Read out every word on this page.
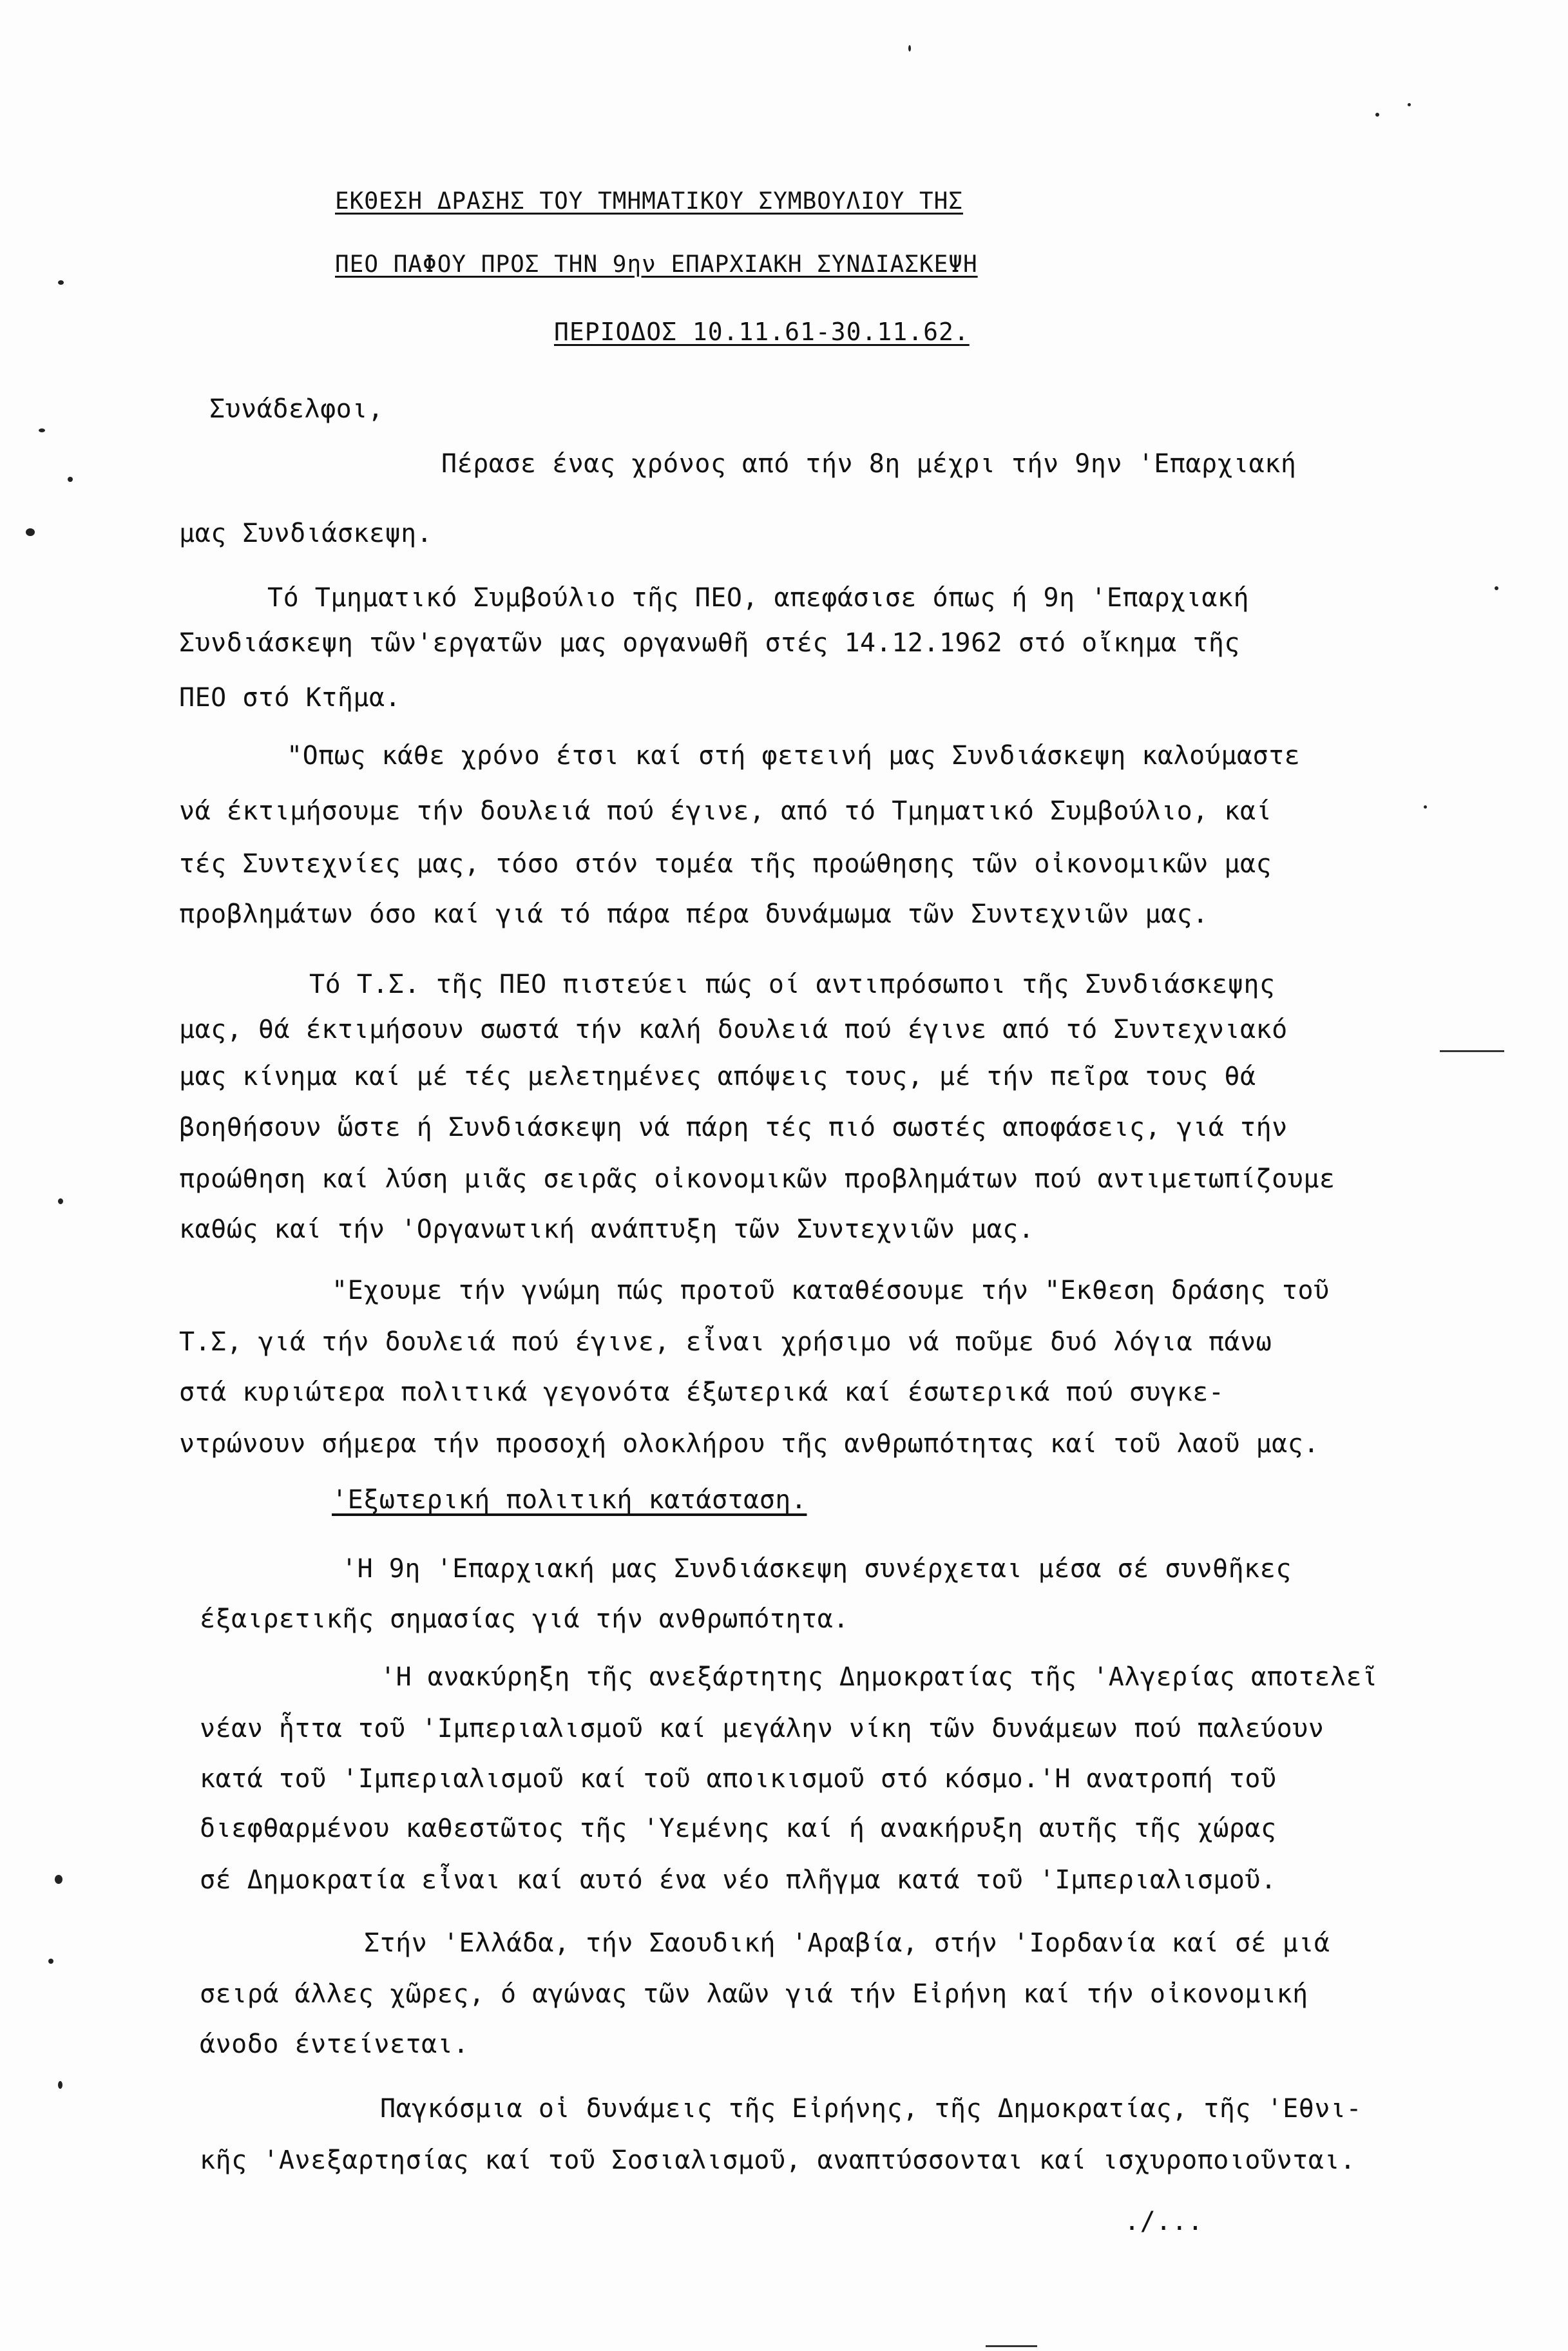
ΕΚΘΕΣΗ ΔΡΑΣΗΣ ΤΟΥ ΤΜΗΜΑΤΙΚΟΥ ΣΥΜΒΟΥΛΙΟΥ ΤΗΣ
ΠΕΟ ΠΑΦΟΥ ΠΡΟΣ ΤΗΝ 9ην ΕΠΑΡΧΙΑΚΗ ΣΥΝΔΙΑΣΚΕΨΗ
ΠΕΡΙΟΔΟΣ 10.11.61-30.11.62.
Συνάδελφοι,
Πέρασε ένας χρόνος από τήν 8η μέχρι τήν 9ην 'Επαρχιακή
μας Συνδιάσκεψη.
Τό Τμηματικό Συμβούλιο τῆς ΠΕΟ, απεφάσισε όπως ή 9η 'Επαρχιακή
Συνδιάσκεψη τῶν'εργατῶν μας οργανωθῆ στές 14.12.1962 στό οἴκημα τῆς
ΠΕΟ στό Κτῆμα.
"Οπως κάθε χρόνο έτσι καί στή φετεινή μας Συνδιάσκεψη καλούμαστε
νά έκτιμήσουμε τήν δουλειά πού έγινε, από τό Τμηματικό Συμβούλιο, καί
τές Συντεχνίες μας, τόσο στόν τομέα τῆς προώθησης τῶν οἰκονομικῶν μας
προβλημάτων όσο καί γιά τό πάρα πέρα δυνάμωμα τῶν Συντεχνιῶν μας.
Τό Τ.Σ. τῆς ΠΕΟ πιστεύει πώς οί αντιπρόσωποι τῆς Συνδιάσκεψης
μας, θά έκτιμήσουν σωστά τήν καλή δουλειά πού έγινε από τό Συντεχνιακό
μας κίνημα καί μέ τές μελετημένες απόψεις τους, μέ τήν πεῖρα τους θά
βοηθήσουν ὥστε ή Συνδιάσκεψη νά πάρη τές πιό σωστές αποφάσεις, γιά τήν
προώθηση καί λύση μιᾶς σειρᾶς οἰκονομικῶν προβλημάτων πού αντιμετωπίζουμε
καθώς καί τήν 'Οργανωτική ανάπτυξη τῶν Συντεχνιῶν μας.
"Εχουμε τήν γνώμη πώς προτοῦ καταθέσουμε τήν "Εκθεση δράσης τοῦ
Τ.Σ, γιά τήν δουλειά πού έγινε, εἶναι χρήσιμο νά ποῦμε δυό λόγια πάνω
στά κυριώτερα πολιτικά γεγονότα έξωτερικά καί έσωτερικά πού συγκε-
ντρώνουν σήμερα τήν προσοχή ολοκλήρου τῆς ανθρωπότητας καί τοῦ λαοῦ μας.
'Εξωτερική πολιτική κατάσταση.
'Η 9η 'Επαρχιακή μας Συνδιάσκεψη συνέρχεται μέσα σέ συνθῆκες
έξαιρετικῆς σημασίας γιά τήν ανθρωπότητα.
'Η ανακύρηξη τῆς ανεξάρτητης Δημοκρατίας τῆς 'Αλγερίας αποτελεῖ
νέαν ἧττα τοῦ 'Ιμπεριαλισμοῦ καί μεγάλην νίκη τῶν δυνάμεων πού παλεύουν
κατά τοῦ 'Ιμπεριαλισμοῦ καί τοῦ αποικισμοῦ στό κόσμο.'Η ανατροπή τοῦ
διεφθαρμένου καθεστῶτος τῆς 'Υεμένης καί ή ανακήρυξη αυτῆς τῆς χώρας
σέ Δημοκρατία εἶναι καί αυτό ένα νέο πλῆγμα κατά τοῦ 'Ιμπεριαλισμοῦ.
Στήν 'Ελλάδα, τήν Σαουδική 'Αραβία, στήν 'Ιορδανία καί σέ μιά
σειρά άλλες χῶρες, ό αγώνας τῶν λαῶν γιά τήν Εἰρήνη καί τήν οἰκονομική
άνοδο έντείνεται.
Παγκόσμια οἱ δυνάμεις τῆς Εἰρήνης, τῆς Δημοκρατίας, τῆς 'Εθνι-
κῆς 'Ανεξαρτησίας καί τοῦ Σοσιαλισμοῦ, αναπτύσσονται καί ισχυροποιοῦνται.
./...
